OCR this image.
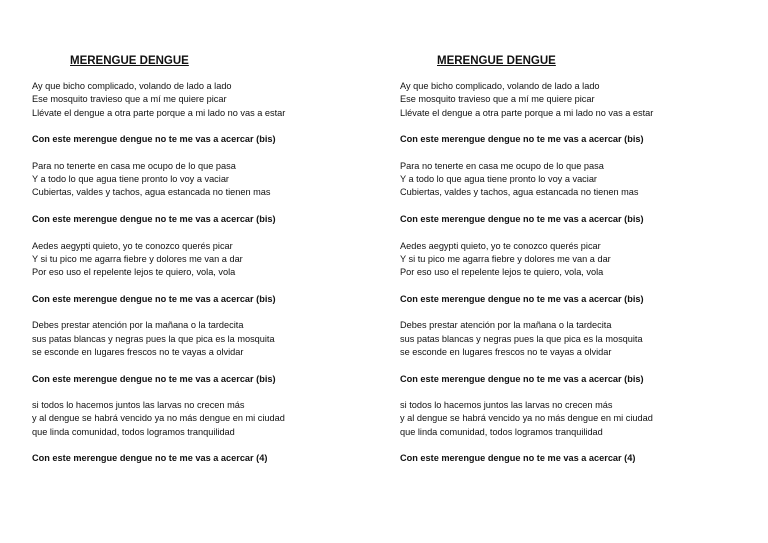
MERENGUE DENGUE
Ay que bicho complicado, volando de lado a lado
Ese mosquito travieso que a mí me quiere picar
Llévate el dengue a otra parte porque a mi lado no vas a estar
Con este merengue dengue no te me vas a acercar (bis)
Para no tenerte en casa me ocupo de lo que pasa
Y a todo lo que agua tiene pronto lo voy a vaciar
Cubiertas, valdes y tachos, agua estancada no tienen mas
Con este merengue dengue no te me vas a acercar (bis)
Aedes aegypti quieto, yo te conozco querés picar
Y si tu pico me agarra fiebre y dolores me van a dar
Por eso uso el repelente lejos te quiero, vola, vola
Con este merengue dengue no te me vas a acercar (bis)
Debes prestar atención por la mañana o la tardecita
sus patas blancas y negras pues la que pica es la mosquita
se esconde en lugares frescos no te vayas a olvidar
Con este merengue dengue no te me vas a acercar (bis)
si todos lo hacemos juntos las larvas no crecen más
y al dengue se habrá vencido ya no más dengue en mi ciudad
que linda comunidad, todos logramos tranquilidad
Con este merengue dengue no te me vas a acercar (4)
MERENGUE DENGUE
Ay que bicho complicado, volando de lado a lado
Ese mosquito travieso que a mí me quiere picar
Llévate el dengue a otra parte porque a mi lado no vas a estar
Con este merengue dengue no te me vas a acercar (bis)
Para no tenerte en casa me ocupo de lo que pasa
Y a todo lo que agua tiene pronto lo voy a vaciar
Cubiertas, valdes y tachos, agua estancada no tienen mas
Con este merengue dengue no te me vas a acercar (bis)
Aedes aegypti quieto, yo te conozco querés picar
Y si tu pico me agarra fiebre y dolores me van a dar
Por eso uso el repelente lejos te quiero, vola, vola
Con este merengue dengue no te me vas a acercar (bis)
Debes prestar atención por la mañana o la tardecita
sus patas blancas y negras pues la que pica es la mosquita
se esconde en lugares frescos no te vayas a olvidar
Con este merengue dengue no te me vas a acercar (bis)
si todos lo hacemos juntos las larvas no crecen más
y al dengue se habrá vencido ya no más dengue en mi ciudad
que linda comunidad, todos logramos tranquilidad
Con este merengue dengue no te me vas a acercar (4)
